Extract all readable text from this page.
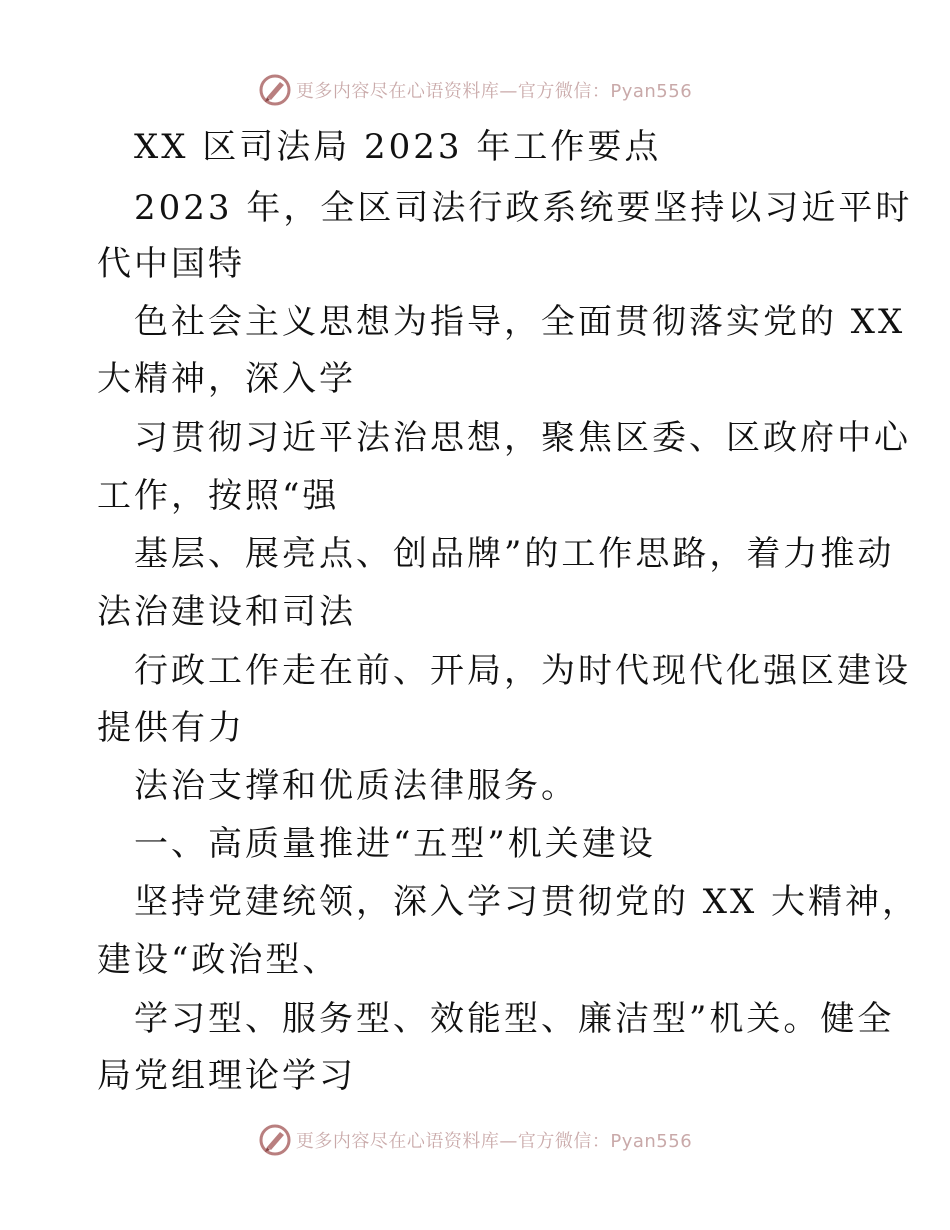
更多内容尽在心语资料库—官方微信：Pyan556
XX 区司法局 2023 年工作要点
2023 年，全区司法行政系统要坚持以习近平时
代中国特
色社会主义思想为指导，全面贯彻落实党的 XX
大精神，深入学
习贯彻习近平法治思想，聚焦区委、区政府中心
工作，按照“强
基层、展亮点、创品牌”的工作思路，着力推动
法治建设和司法
行政工作走在前、开局，为时代现代化强区建设
提供有力
法治支撑和优质法律服务。
一、高质量推进“五型”机关建设
坚持党建统领，深入学习贯彻党的 XX 大精神，
建设“政治型、
学习型、服务型、效能型、廉洁型”机关。健全
局党组理论学习
更多内容尽在心语资料库—官方微信：Pyan556
